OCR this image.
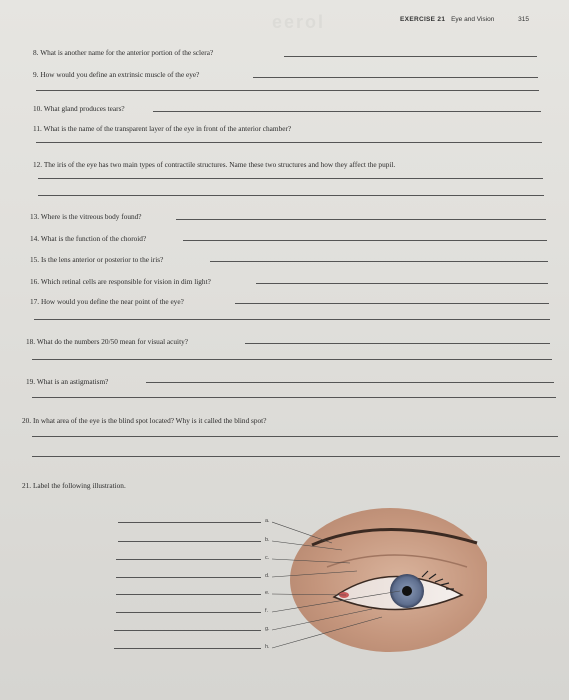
eerol	EXERCISE 21 Eye and Vision	315
8. What is another name for the anterior portion of the sclera?
9. How would you define an extrinsic muscle of the eye?
10. What gland produces tears?
11. What is the name of the transparent layer of the eye in front of the anterior chamber?
12. The iris of the eye has two main types of contractile structures. Name these two structures and how they affect the pupil.
13. Where is the vitreous body found?
14. What is the function of the choroid?
15. Is the lens anterior or posterior to the iris?
16. Which retinal cells are responsible for vision in dim light?
17. How would you define the near point of the eye?
18. What do the numbers 20/50 mean for visual acuity?
19. What is an astigmatism?
20. In what area of the eye is the blind spot located? Why is it called the blind spot?
21. Label the following illustration.
a.
b.
c.
d.
e.
f.
g.
h.
